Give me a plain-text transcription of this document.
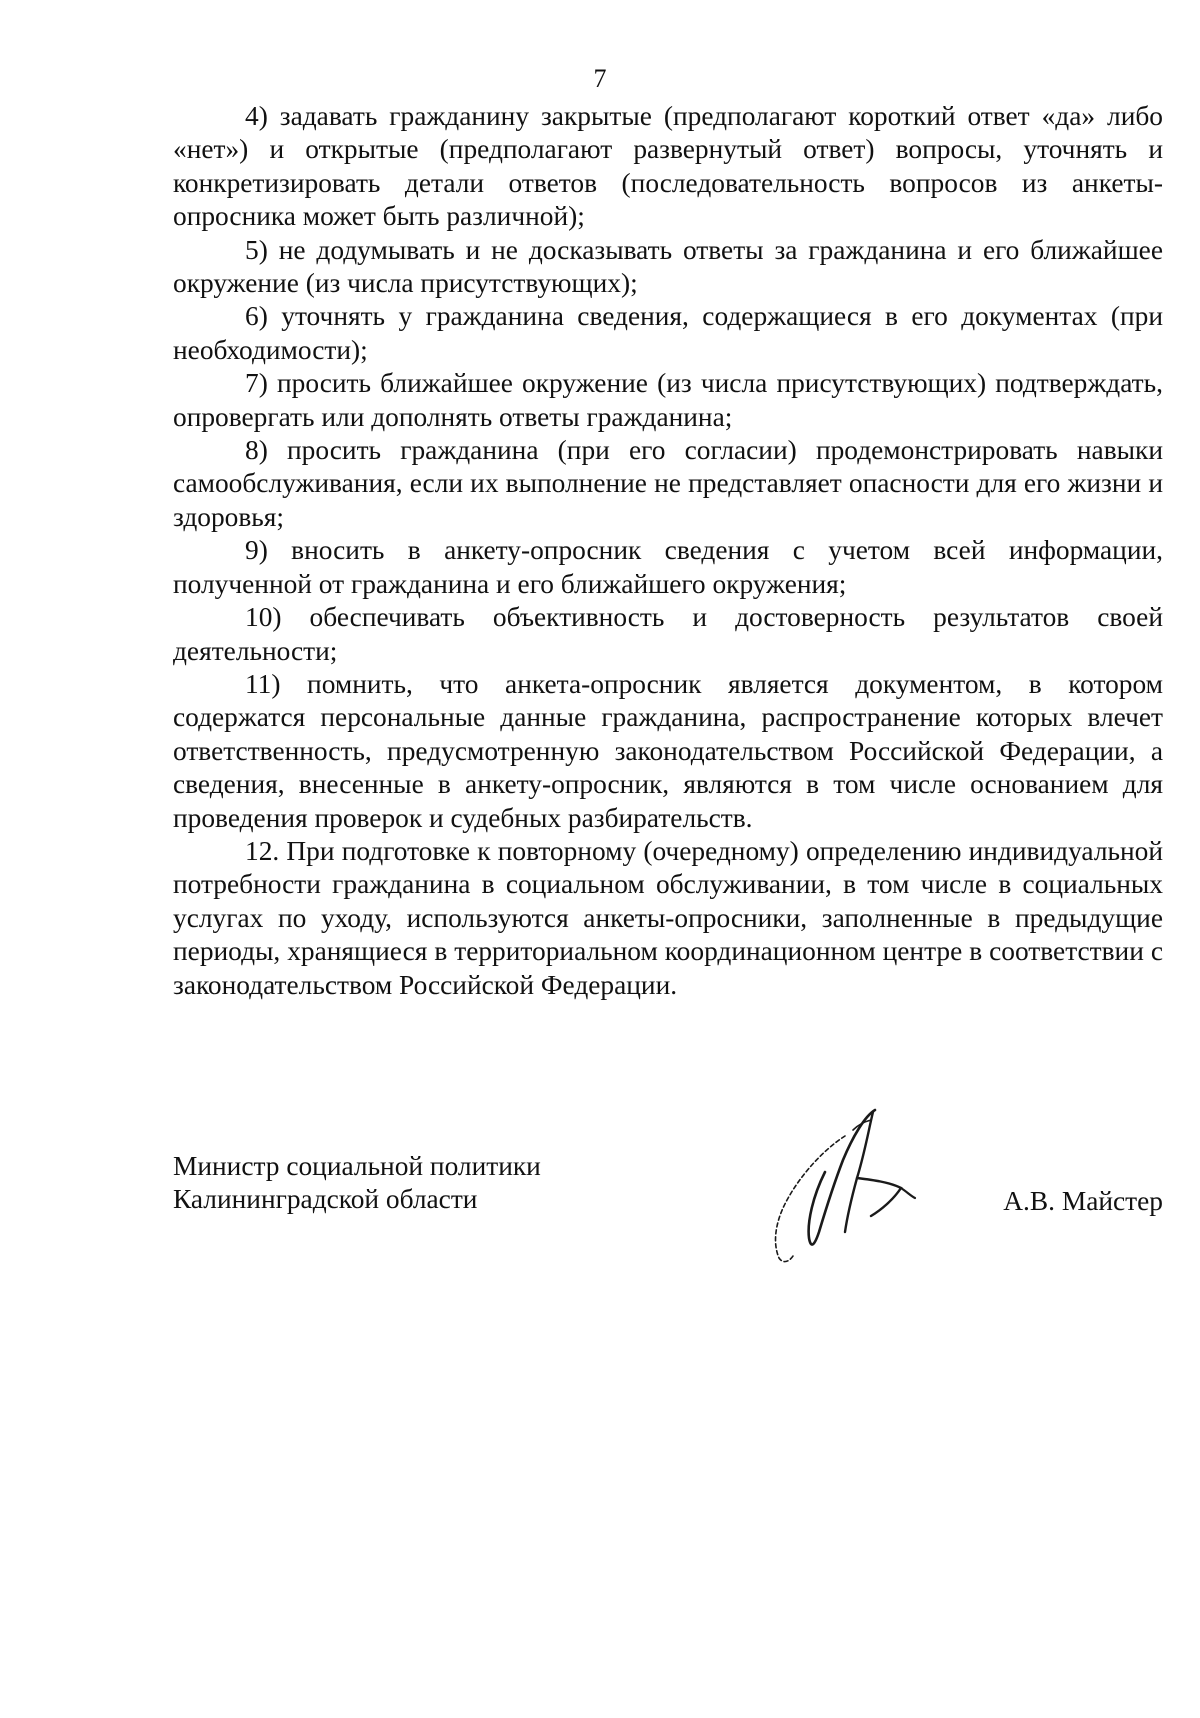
7

4) задавать гражданину закрытые (предполагают короткий ответ «да» либо «нет») и открытые (предполагают развернутый ответ) вопросы, уточнять и конкретизировать детали ответов (последовательность вопросов из анкеты-опросника может быть различной);

5) не додумывать и не досказывать ответы за гражданина и его ближайшее окружение (из числа присутствующих);

6) уточнять у гражданина сведения, содержащиеся в его документах (при необходимости);

7) просить ближайшее окружение (из числа присутствующих) подтверждать, опровергать или дополнять ответы гражданина;

8) просить гражданина (при его согласии) продемонстрировать навыки самообслуживания, если их выполнение не представляет опасности для его жизни и здоровья;

9) вносить в анкету-опросник сведения с учетом всей информации, полученной от гражданина и его ближайшего окружения;

10) обеспечивать объективность и достоверность результатов своей деятельности;

11) помнить, что анкета-опросник является документом, в котором содержатся персональные данные гражданина, распространение которых влечет ответственность, предусмотренную законодательством Российской Федерации, а сведения, внесенные в анкету-опросник, являются в том числе основанием для проведения проверок и судебных разбирательств.

12. При подготовке к повторному (очередному) определению индивидуальной потребности гражданина в социальном обслуживании, в том числе в социальных услугах по уходу, используются анкеты-опросники, заполненные в предыдущие периоды, хранящиеся в территориальном координационном центре в соответствии с законодательством Российской Федерации.

Министр социальной политики
Калининградской области	А.В. Майстер
